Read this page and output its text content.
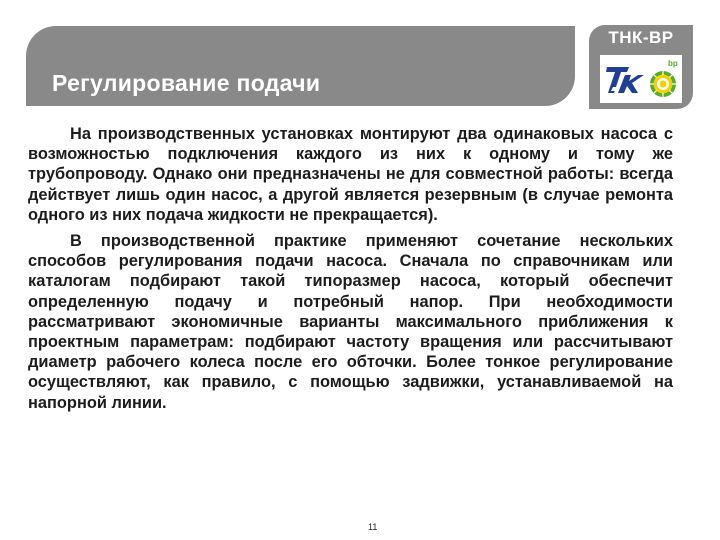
Регулирование подачи
ТНК-ВР
bp

На производственных установках монтируют два одинаковых насоса с возможностью подключения каждого из них к одному и тому же трубопроводу. Однако они предназначены не для совместной работы: всегда действует лишь один насос, а другой является резервным (в случае ремонта одного из них подача жидкости не прекращается).

В производственной практике применяют сочетание нескольких способов регулирования подачи насоса. Сначала по справочникам или каталогам подбирают такой типоразмер насоса, который обеспечит определенную подачу и потребный напор. При необходимости рассматривают экономичные варианты максимального приближения к проектным параметрам: подбирают частоту вращения или рассчитывают диаметр рабочего колеса после его обточки. Более тонкое регулирование осуществляют, как правило, с помощью задвижки, устанавливаемой на напорной линии.

11
